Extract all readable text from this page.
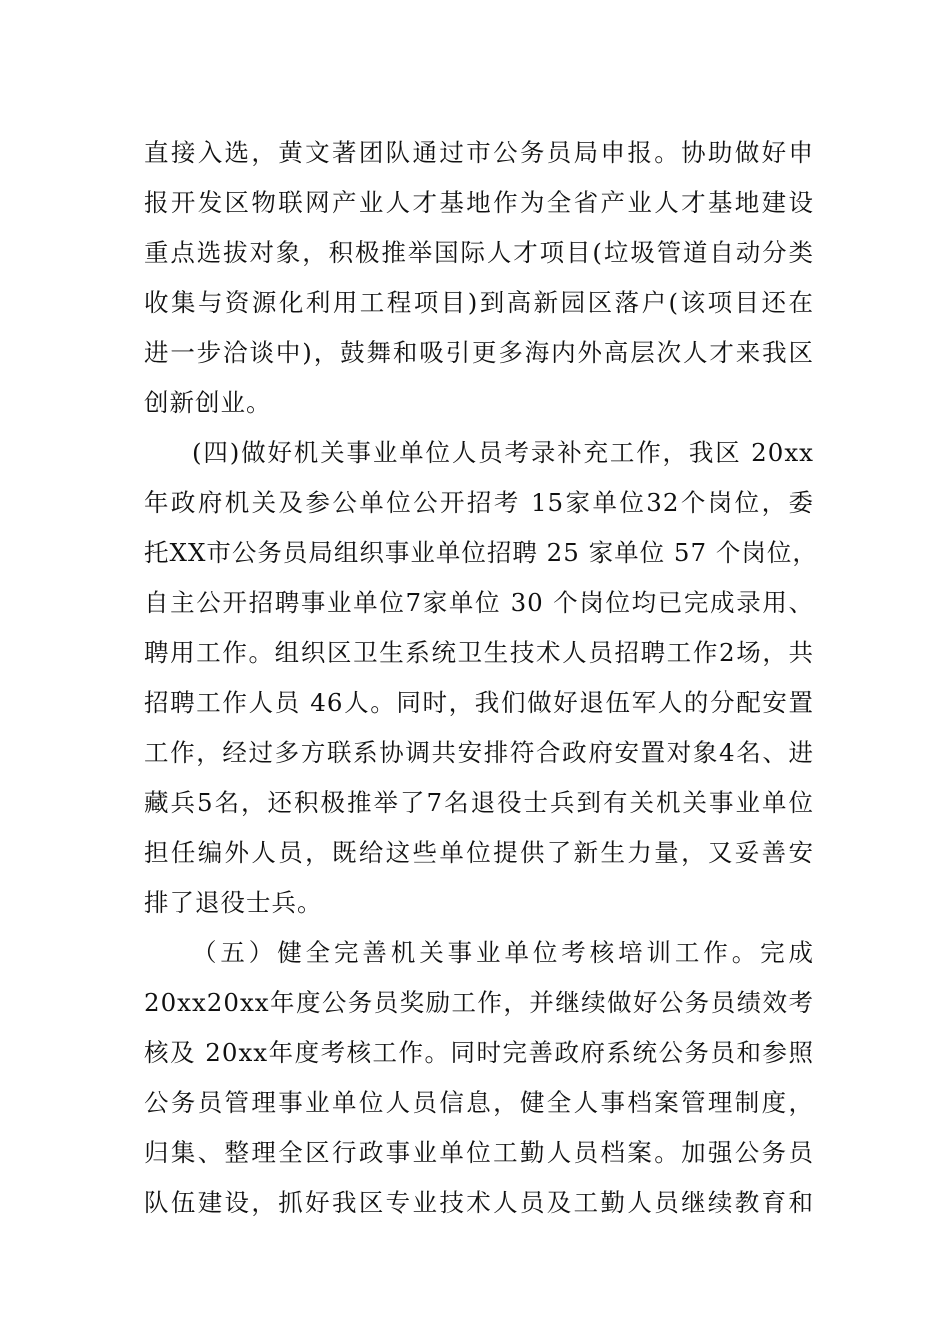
直接入选，黄文著团队通过市公务员局申报。协助做好申
报开发区物联网产业人才基地作为全省产业人才基地建设
重点选拔对象，积极推举国际人才项目(垃圾管道自动分类
收集与资源化利用工程项目)到高新园区落户(该项目还在
进一步洽谈中)，鼓舞和吸引更多海内外高层次人才来我区
创新创业。
(四)做好机关事业单位人员考录补充工作，我区 20xx
年政府机关及参公单位公开招考 15家单位32个岗位，委
托XX市公务员局组织事业单位招聘 25 家单位 57 个岗位，
自主公开招聘事业单位7家单位 30 个岗位均已完成录用、
聘用工作。组织区卫生系统卫生技术人员招聘工作2场，共
招聘工作人员 46人。同时，我们做好退伍军人的分配安置
工作，经过多方联系协调共安排符合政府安置对象4名、进
藏兵5名，还积极推举了7名退役士兵到有关机关事业单位
担任编外人员，既给这些单位提供了新生力量，又妥善安
排了退役士兵。
（五）健全完善机关事业单位考核培训工作。完成
20xx20xx年度公务员奖励工作，并继续做好公务员绩效考
核及 20xx年度考核工作。同时完善政府系统公务员和参照
公务员管理事业单位人员信息，健全人事档案管理制度，
归集、整理全区行政事业单位工勤人员档案。加强公务员
队伍建设，抓好我区专业技术人员及工勤人员继续教育和
